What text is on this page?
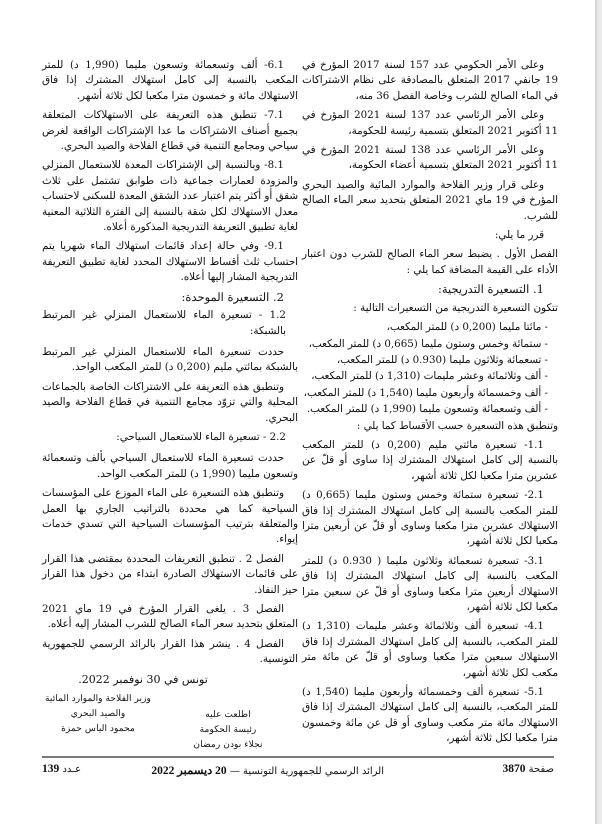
وعلى الأمر الحكومي عدد 157 لسنة 2017 المؤرخ في 19 جانفي 2017 المتعلق بالمصادقة على نظام الاشتراكات في الماء الصالح للشرب وخاصة الفصل 36 منه،

وعلى الأمر الرئاسي عدد 137 لسنة 2021 المؤرخ في 11 أكتوبر 2021 المتعلق بتسمية رئيسة للحكومة،

وعلى الأمر الرئاسي عدد 138 لسنة 2021 المؤرخ في 11 أكتوبر 2021 المتعلق بتسمية أعضاء الحكومة،

وعلى قرار وزير الفلاحة والموارد المائية والصيد البحري المؤرخ في 19 ماي 2021 المتعلق بتحديد سعر الماء الصالح للشرب.

قرر ما يلي:

الفصل الأول . يضبط سعر الماء الصالح للشرب دون اعتبار الأداء على القيمة المضافة كما يلي :

1. التسعيرة التدريجية:

تتكون التسعيرة التدريجية من التسعيرات التالية :

- مائتا مليما (0,200 د) للمتر المكعب،

- ستمائة وخمس وستون مليما (0,665 د) للمتر المكعب،

- تسعمائة وثلاثون مليما (0.930 د) للمتر المكعب،

- ألف وثلاثمائة وعشر مليمات (1,310 د) للمتر المكعب،

- ألف وخمسمائة وأربعون مليما (1,540 د) للمتر المكعب،

- ألف وتسعمائة وتسعون مليما (1,990 د) للمتر المكعب.

وتنطبق هذه التسعيرة حسب الأقساط كما يلي :

1.1- تسعيرة مائتي مليم (0,200 د) للمتر المكعب بالنسبة إلى كامل استهلاك المشترك إذا ساوى أو قلّ عن عشرين مترا مكعبا لكل ثلاثة أشهر،

2.1- تسعيرة ستمائة وخمس وستون مليما (0,665 د) للمتر المكعب بالنسبة إلى كامل استهلاك المشترك إذا فاق الاستهلاك عشرين مترا مكعبا وساوى أو قلّ عن أربعين مترا مكعبا لكل ثلاثة أشهر،

3.1- تسعيرة تسعمائة وثلاثون مليما ( 0.930 د) للمتر المكعب بالنسبة إلى كامل استهلاك المشترك إذا فاق الاستهلاك أربعين مترا مكعبا وساوى أو قلّ عن سبعين مترا مكعبا لكل ثلاثة أشهر،

4.1- تسعيرة ألف وثلاثمائة وعشر مليمات (1,310 د) للمتر المكعب، بالنسبة إلى كامل استهلاك المشترك إذا فاق الاستهلاك سبعين مترا مكعبا وساوى أو قلّ عن مائة متر مكعب لكل ثلاثة أشهر،

5.1- تسعيرة ألف وخمسمائة وأربعون مليما (1,540 د) للمتر المكعب، بالنسبة إلى كامل استهلاك المشترك إذا فاق الاستهلاك مائة متر مكعب وساوى أو قل عن مائة وخمسون مترا مكعبا لكل ثلاثة أشهر،

6.1- ألف وتسعمائة وتسعون مليما (1,990 د) للمتر المكعب بالنسبة إلى كامل استهلاك المشترك إذا فاق الاستهلاك مائة و خمسون مترا مكعبا لكل ثلاثة أشهر.

7.1- تنطبق هذه التعريفة على الاستهلاكات المتعلقة بجميع أصناف الاشتراكات ما عدا الإشتراكات الواقعة لغرض سياحي ومجامع التنمية في قطاع الفلاحة والصيد البحري.

8.1- وبالنسبة إلى الإشتراكات المعدة للاستعمال المنزلي والمزودة لعمارات جماعية ذات طوابق تشتمل على ثلاث شقق أو أكثر يتم اعتبار عدد الشقق المعدة للسكنى لاحتساب معدل الاستهلاك لكل شقة بالنسبة إلى الفترة الثلاثية المعنية لغاية تطبيق التعريفة التدريجية المذكورة أعلاه.

9.1- وفي حالة إعداد قائمات استهلاك الماء شهريا يتم احتساب ثلث أقساط الاستهلاك المحدد لغاية تطبيق التعريفة التدريجية المشار إليها أعلاه.

2. التسعيرة الموحدة:

1.2 - تسعيرة الماء للاستعمال المنزلي غير المرتبط بالشبكة:

حددت تسعيرة الماء للاستعمال المنزلي غير المرتبط بالشبكة بمائتي مليم (0,200 د) للمتر المكعب الواحد.

وتنطبق هذه التعريفة على الاشتراكات الخاصة بالجماعات المحلية والتي تزوّد مجامع التنمية في قطاع الفلاحة والصيد البحري.

2.2 - تسعيرة الماء للاستعمال السياحي:

حددت تسعيرة الماء للاستعمال السياحي بألف وتسعمائة وتسعون مليما (1,990 د) للمتر المكعب الواحد.

وتنطبق هذه التسعيرة على الماء الموزع على المؤسسات السياحية كما هي محددة بالتراتيب الجاري بها العمل والمتعلقة بترتيب المؤسسات السياحية التي تسدي خدمات إيواء.

الفصل 2 . تنطبق التعريفات المحددة بمقتضى هذا القرار على قائمات الاستهلاك الصادرة ابتداء من دخول هذا القرار حيز النفاذ.

الفصل 3 . يلغى القرار المؤرخ في 19 ماي 2021 المتعلق بتحديد سعر الماء الصالح للشرب المشار إليه أعلاه.

الفصل 4 . ينشر هذا القرار بالرائد الرسمي للجمهورية التونسية.

تونس في 30 نوفمبر 2022.

وزير الفلاحة والموارد المائية
والصيد البحري
محمود الياس حمزة
اطلعت عليه
رئيسة الحكومة
نجلاء بودن رمضان
صفحة 3870
الرائد الرسمي للجمهورية التونسية — 20 ديسمبر 2022
عـدد 139
